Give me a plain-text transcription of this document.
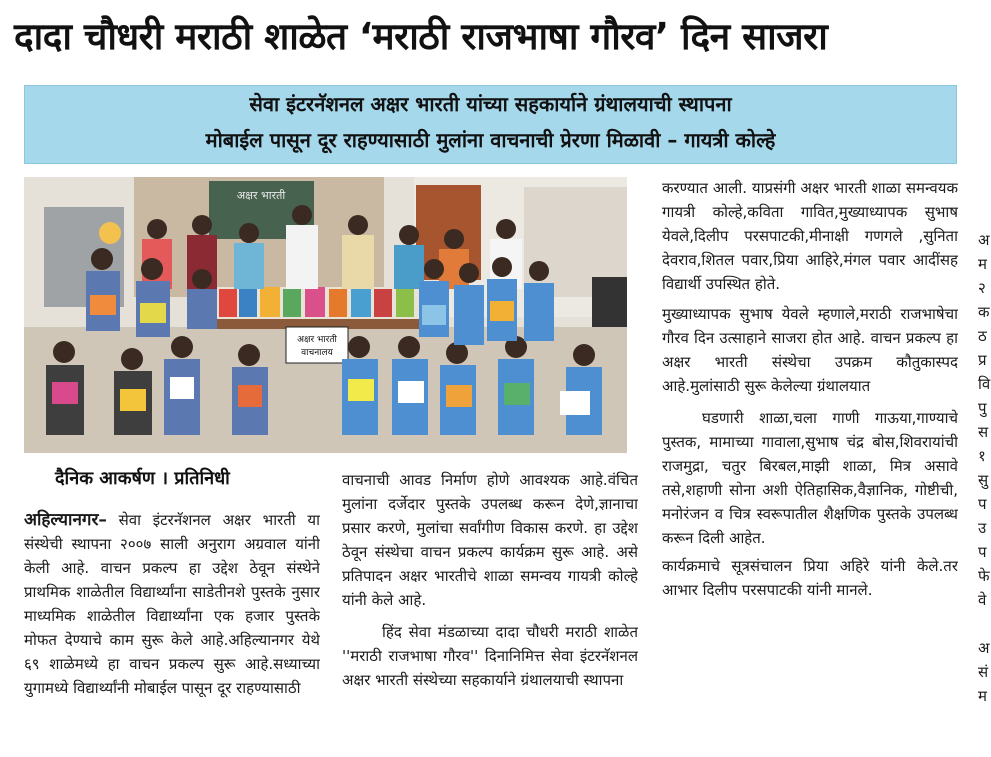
दादा चौधरी मराठी शाळेत ‘मराठी राजभाषा गौरव’ दिन साजरा
सेवा इंटरनॅशनल अक्षर भारती यांच्या सहकार्याने ग्रंथालयाची स्थापना
मोबाईल पासून दूर राहण्यासाठी मुलांना वाचनाची प्रेरणा मिळावी – गायत्री कोल्हे
अक्षर भारती
अक्षर भारती
वाचनालय
दैनिक आकर्षण । प्रतिनिधी

अहिल्यानगर– सेवा इंटरनॅशनल अक्षर भारती या संस्थेची स्थापना २००७ साली अनुराग अग्रवाल यांनी केली आहे. वाचन प्रकल्प हा उद्देश ठेवून संस्थेने प्राथमिक शाळेतील विद्यार्थ्यांना साडेतीनशे पुस्तके नुसार माध्यमिक शाळेतील विद्यार्थ्यांना एक हजार पुस्तके मोफत देण्याचे काम सुरू केले आहे.अहिल्यानगर येथे ६९ शाळेमध्ये हा वाचन प्रकल्प सुरू आहे.सध्याच्या युगामध्ये विद्यार्थ्यांनी मोबाईल पासून दूर राहण्यासाठी

वाचनाची आवड निर्माण होणे आवश्यक आहे.वंचित मुलांना दर्जेदार पुस्तके उपलब्ध करून देणे,ज्ञानाचा प्रसार करणे, मुलांचा सर्वांगीण विकास करणे. हा उद्देश ठेवून संस्थेचा वाचन प्रकल्प कार्यक्रम सुरू आहे. असे प्रतिपादन अक्षर भारतीचे शाळा समन्वय गायत्री कोल्हे यांनी केले आहे.

हिंद सेवा मंडळाच्या दादा चौधरी मराठी शाळेत ''मराठी राजभाषा गौरव'' दिनानिमित्त सेवा इंटरनॅशनल अक्षर भारती संस्थेच्या सहकार्याने ग्रंथालयाची स्थापना

करण्यात आली. याप्रसंगी अक्षर भारती शाळा समन्वयक गायत्री कोल्हे,कविता गावित,मुख्याध्यापक सुभाष येवले,दिलीप परसपाटकी,मीनाक्षी गणगले ,सुनिता देवराव,शितल पवार,प्रिया आहिरे,मंगल पवार आदींसह विद्यार्थी उपस्थित होते.

मुख्याध्यापक सुभाष येवले म्हणाले,मराठी राजभाषेचा गौरव दिन उत्साहाने साजरा होत आहे. वाचन प्रकल्प हा अक्षर भारती संस्थेचा उपक्रम कौतुकास्पद आहे.मुलांसाठी सुरू केलेल्या ग्रंथालयात

घडणारी शाळा,चला गाणी गाऊया,गाण्याचे पुस्तक, मामाच्या गावाला,सुभाष चंद्र बोस,शिवरायांची राजमुद्रा, चतुर बिरबल,माझी शाळा, मित्र असावे तसे,शहाणी सोना अशी ऐतिहासिक,वैज्ञानिक, गोष्टीची, मनोरंजन व चित्र स्वरूपातील शैक्षणिक पुस्तके उपलब्ध करून दिली आहेत.

कार्यक्रमाचे सूत्रसंचालन प्रिया अहिरे यांनी केले.तर आभार दिलीप परसपाटकी यांनी मानले.

अ
म
२
क
ठ
प्र
वि
पु
स
१
सु
प
उ
प
फे
वे

अ
सं
म
